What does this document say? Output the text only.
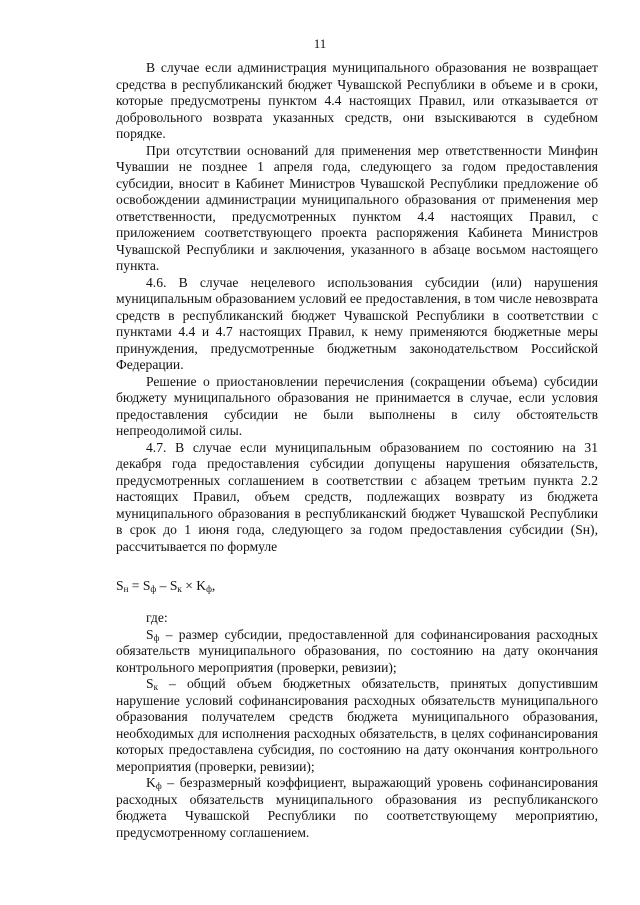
11

В случае если администрация муниципального образования не возвращает средства в республиканский бюджет Чувашской Республики в объеме и в сроки, которые предусмотрены пунктом 4.4 настоящих Правил, или отказывается от добровольного возврата указанных средств, они взыскиваются в судебном порядке.

При отсутствии оснований для применения мер ответственности Минфин Чувашии не позднее 1 апреля года, следующего за годом предоставления субсидии, вносит в Кабинет Министров Чувашской Республики предложение об освобождении администрации муниципального образования от применения мер ответственности, предусмотренных пунктом 4.4 настоящих Правил, с приложением соответствующего проекта распоряжения Кабинета Министров Чувашской Республики и заключения, указанного в абзаце восьмом настоящего пункта.

4.6. В случае нецелевого использования субсидии (или) нарушения муниципальным образованием условий ее предоставления, в том числе невозврата средств в республиканский бюджет Чувашской Республики в соответствии с пунктами 4.4 и 4.7 настоящих Правил, к нему применяются бюджетные меры принуждения, предусмотренные бюджетным законодательством Российской Федерации.

Решение о приостановлении перечисления (сокращении объема) субсидии бюджету муниципального образования не принимается в случае, если условия предоставления субсидии не были выполнены в силу обстоятельств непреодолимой силы.

4.7. В случае если муниципальным образованием по состоянию на 31 декабря года предоставления субсидии допущены нарушения обязательств, предусмотренных соглашением в соответствии с абзацем третьим пункта 2.2 настоящих Правил, объем средств, подлежащих возврату из бюджета муниципального образования в республиканский бюджет Чувашской Республики в срок до 1 июня года, следующего за годом предоставления субсидии (Sн), рассчитывается по формуле

$S_н = S_ф - S_к \times K_ф$,

где:

$S_ф$ – размер субсидии, предоставленной для софинансирования расходных обязательств муниципального образования, по состоянию на дату окончания контрольного мероприятия (проверки, ревизии);

$S_к$ – общий объем бюджетных обязательств, принятых допустившим нарушение условий софинансирования расходных обязательств муниципального образования получателем средств бюджета муниципального образования, необходимых для исполнения расходных обязательств, в целях софинансирования которых предоставлена субсидия, по состоянию на дату окончания контрольного мероприятия (проверки, ревизии);

$K_ф$ – безразмерный коэффициент, выражающий уровень софинансирования расходных обязательств муниципального образования из республиканского бюджета Чувашской Республики по соответствующему мероприятию, предусмотренному соглашением.
